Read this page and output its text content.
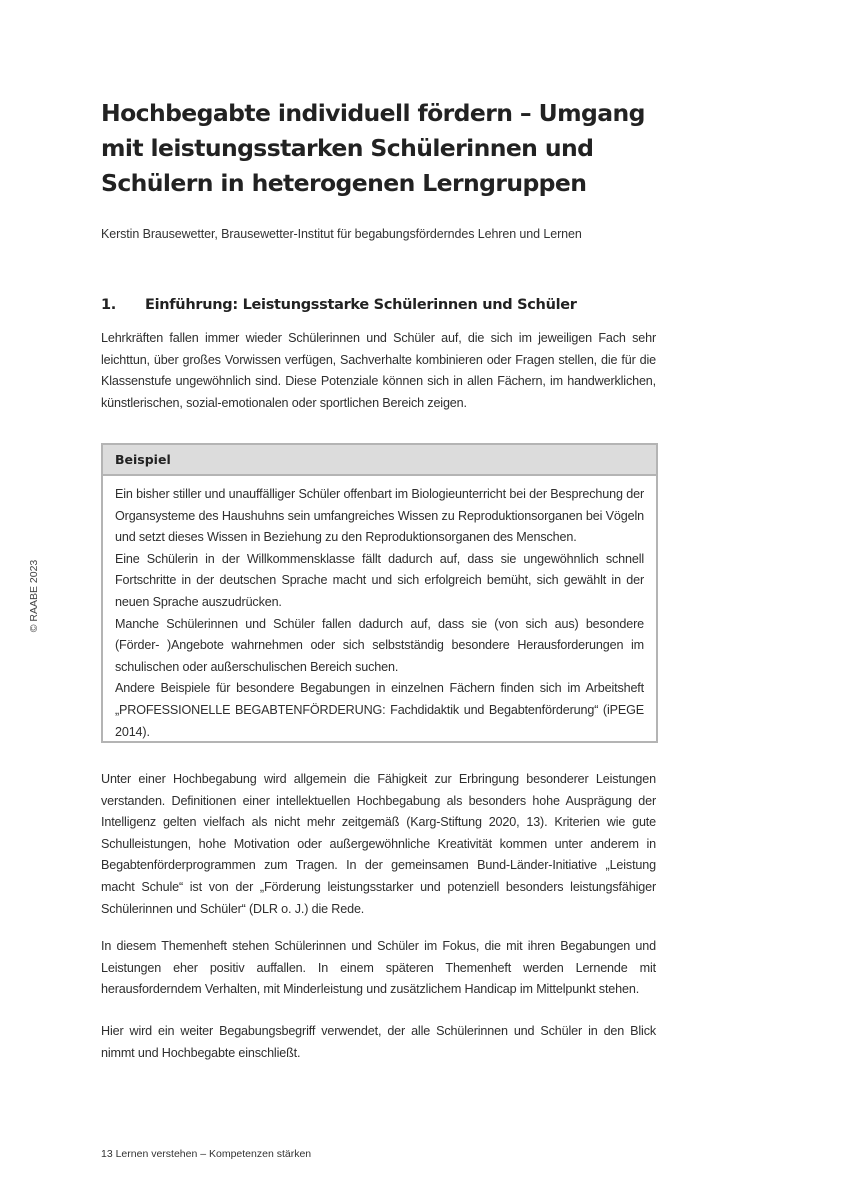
Hochbegabte individuell fördern – Umgang mit leistungsstarken Schülerinnen und Schülern in heterogenen Lerngruppen
Kerstin Brausewetter, Brausewetter-Institut für begabungsförderndes Lehren und Lernen
1.	Einführung: Leistungsstarke Schülerinnen und Schüler

Lehrkräften fallen immer wieder Schülerinnen und Schüler auf, die sich im jeweiligen Fach sehr leichttun, über großes Vorwissen verfügen, Sachverhalte kombinieren oder Fragen stellen, die für die Klassenstufe ungewöhnlich sind. Diese Potenziale können sich in allen Fächern, im handwerklichen, künstlerischen, sozial-emotionalen oder sportlichen Bereich zeigen.

Beispiel

Ein bisher stiller und unauffälliger Schüler offenbart im Biologieunterricht bei der Besprechung der Organsysteme des Haushuhns sein umfangreiches Wissen zu Reproduktionsorganen bei Vögeln und setzt dieses Wissen in Beziehung zu den Reproduktionsorganen des Menschen.

Eine Schülerin in der Willkommensklasse fällt dadurch auf, dass sie ungewöhnlich schnell Fortschritte in der deutschen Sprache macht und sich erfolgreich bemüht, sich gewählt in der neuen Sprache auszudrücken.

Manche Schülerinnen und Schüler fallen dadurch auf, dass sie (von sich aus) besondere (Förder- )Angebote wahrnehmen oder sich selbstständig besondere Herausforderungen im schulischen oder außerschulischen Bereich suchen.

Andere Beispiele für besondere Begabungen in einzelnen Fächern finden sich im Arbeitsheft „PROFESSIONELLE BEGABTENFÖRDERUNG: Fachdidaktik und Begabtenförderung“ (iPEGE 2014).

Unter einer Hochbegabung wird allgemein die Fähigkeit zur Erbringung besonderer Leistungen verstanden. Definitionen einer intellektuellen Hochbegabung als besonders hohe Ausprägung der Intelligenz gelten vielfach als nicht mehr zeitgemäß (Karg-Stiftung 2020, 13). Kriterien wie gute Schulleistungen, hohe Motivation oder außergewöhnliche Kreativität kommen unter anderem in Begabtenförderprogrammen zum Tragen. In der gemeinsamen Bund-Länder-Initiative „Leistung macht Schule“ ist von der „Förderung leistungsstarker und potenziell besonders leistungsfähiger Schülerinnen und Schüler“ (DLR o. J.) die Rede.

In diesem Themenheft stehen Schülerinnen und Schüler im Fokus, die mit ihren Begabungen und Leistungen eher positiv auffallen. In einem späteren Themenheft werden Lernende mit herausforderndem Verhalten, mit Minderleistung und zusätzlichem Handicap im Mittelpunkt stehen.

Hier wird ein weiter Begabungsbegriff verwendet, der alle Schülerinnen und Schüler in den Blick nimmt und Hochbegabte einschließt.

© RAABE 2023
13 Lernen verstehen – Kompetenzen stärken
